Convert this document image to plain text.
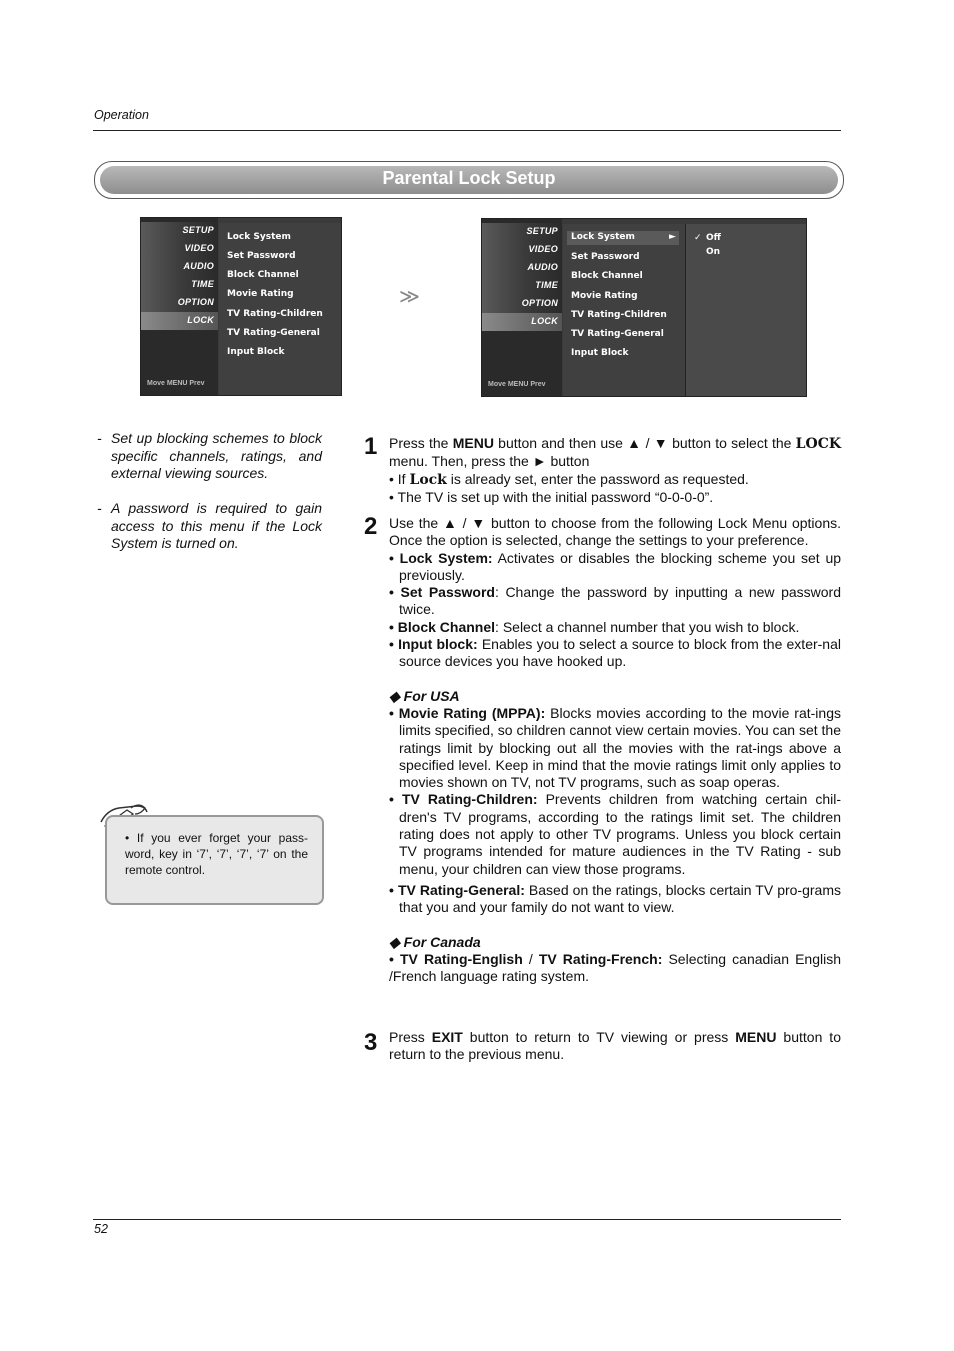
Operation
Parental Lock Setup
SETUP
VIDEO
AUDIO
TIME
OPTION
LOCK
Move MENU Prev
Lock System
Set Password
Block Channel
Movie Rating
TV Rating-Children
TV Rating-General
Input Block
≫
SETUP
VIDEO
AUDIO
TIME
OPTION
LOCK
Move MENU Prev
Lock System	►
Set Password
Block Channel
Movie Rating
TV Rating-Children
TV Rating-General
Input Block
✓ Off
On
- Set up blocking schemes to block specific channels, ratings, and external viewing sources.

- A password is required to gain access to this menu if the Lock System is turned on.

• If you ever forget your pass-word, key in ‘7’, ‘7’, ‘7’, ‘7’ on the remote control.
1 Press the MENU button and then use ▲ / ▼ button to select the LOCK menu. Then, press the ► button

• If Lock is already set, enter the password as requested.

• The TV is set up with the initial password “0-0-0-0”.

2 Use the ▲ / ▼ button to choose from the following Lock Menu options. Once the option is selected, change the settings to your preference.

• Lock System: Activates or disables the blocking scheme you set up previously.

• Set Password: Change the password by inputting a new password twice.

• Block Channel: Select a channel number that you wish to block.

• Input block: Enables you to select a source to block from the exter-nal source devices you have hooked up.

◆ For USA

• Movie Rating (MPPA): Blocks movies according to the movie rat-ings limits specified, so children cannot view certain movies. You can set the ratings limit by blocking out all the movies with the rat-ings above a specified level. Keep in mind that the movie ratings limit only applies to movies shown on TV, not TV programs, such as soap operas.

• TV Rating-Children: Prevents children from watching certain chil-dren's TV programs, according to the ratings limit set. The children rating does not apply to other TV programs. Unless you block certain TV programs intended for mature audiences in the TV Rating - sub menu, your children can view those programs.

• TV Rating-General: Based on the ratings, blocks certain TV pro-grams that you and your family do not want to view.

◆ For Canada

• TV Rating-English / TV Rating-French: Selecting canadian English /French language rating system.

3 Press EXIT button to return to TV viewing or press MENU button to return to the previous menu.

52
